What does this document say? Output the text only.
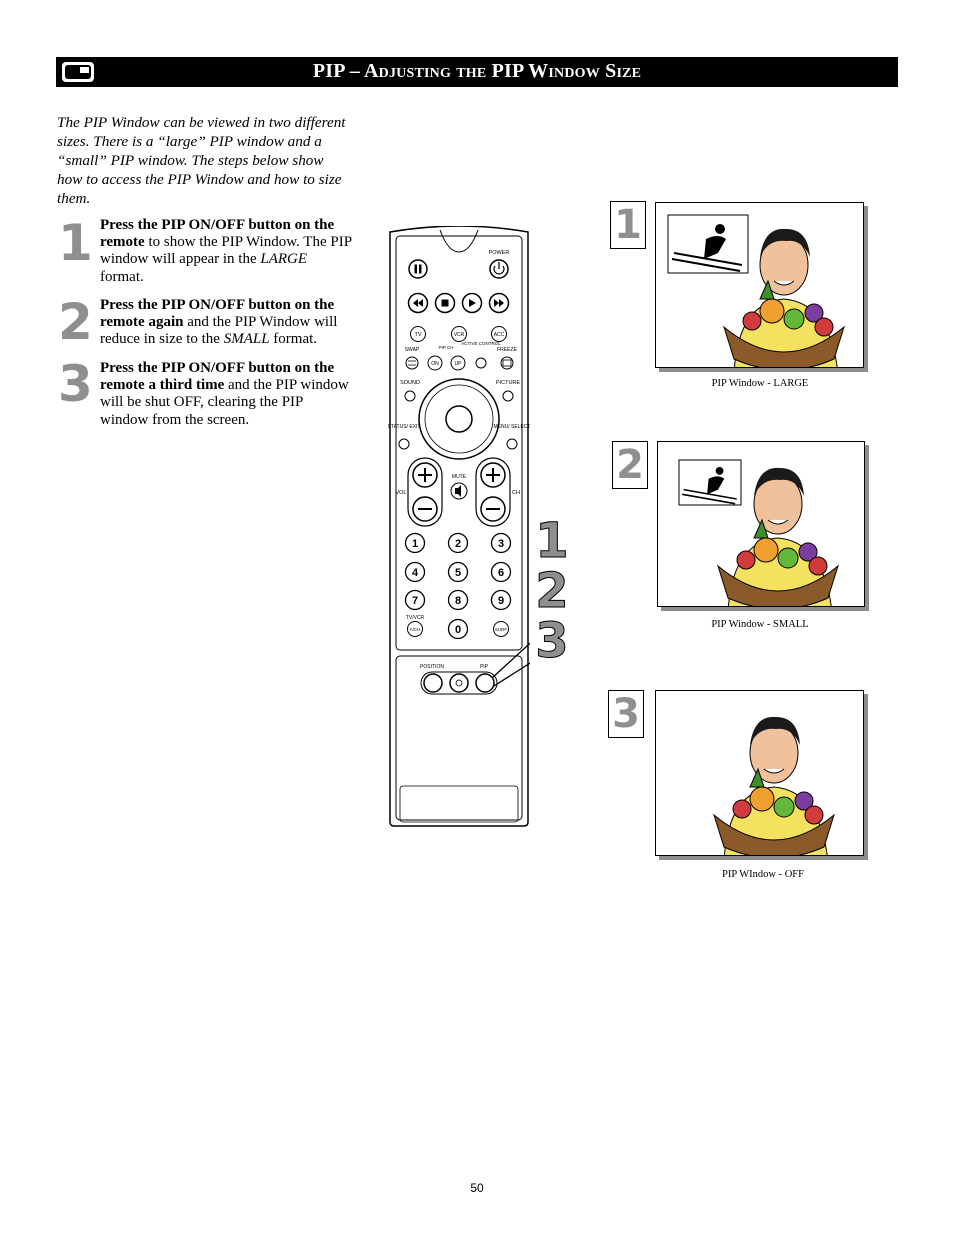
PIP – Adjusting the PIP Window Size
The PIP Window can be viewed in two different sizes. There is a “large” PIP window and a “small” PIP window. The steps below show how to access the PIP Window and how to size them.
1 Press the PIP ON/OFF button on the remote to show the PIP Window. The PIP window will appear in the LARGE format.
2 Press the PIP ON/OFF button on the remote again and the PIP Window will reduce in size to the SMALL format.
3 Press the PIP ON/OFF button on the remote a third time and the PIP window will be shut OFF, clearing the PIP window from the screen.
POWER
TV	VCR	ACC
SWAP	PIP CH
ACTIVE CONTROL
FREEZE
ON	UP
SOUND	PICTURE
STATUS/ EXIT	MENU/ SELECT
MUTE
VOL	CH
1	2	3
4	5	6
7	8	9
0
TV/VCR
A/CH	SURF
POSITION	PIP
1
2
3
1
PIP Window - LARGE
2
PIP Window - SMALL
3
PIP WIndow - OFF
50
